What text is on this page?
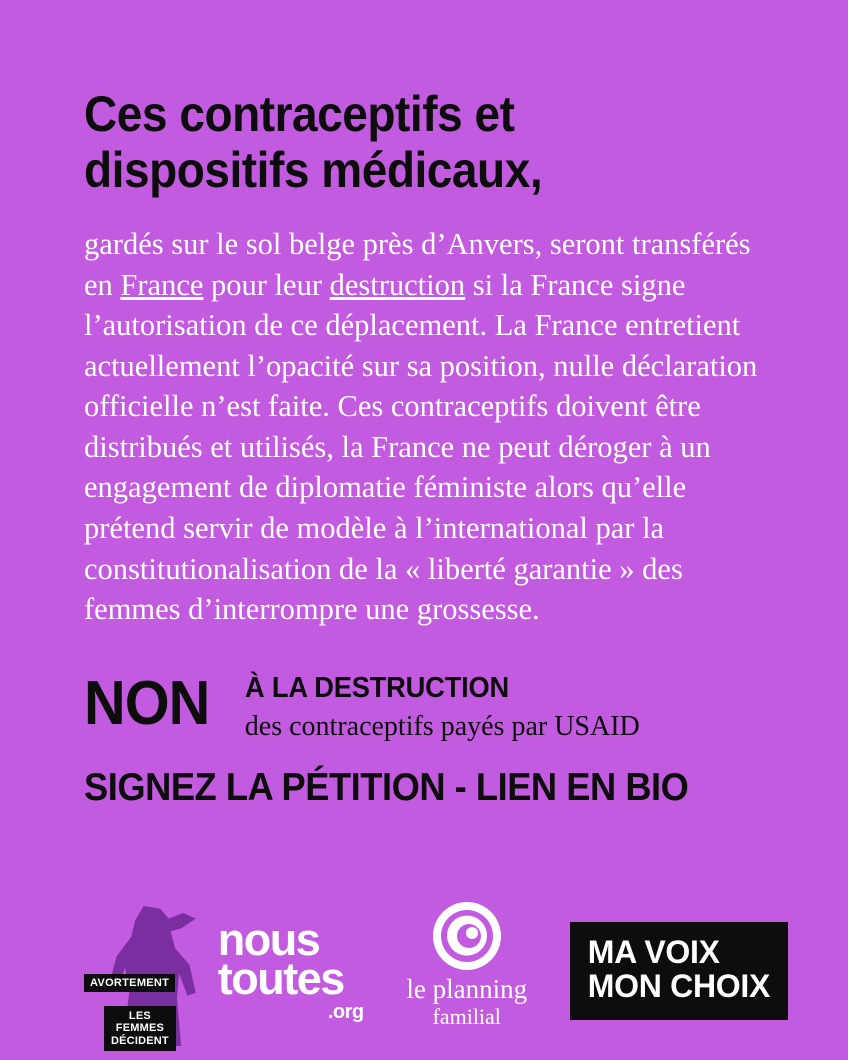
Ces contraceptifs et
dispositifs médicaux,

gardés sur le sol belge près d’Anvers, seront transférés en France pour leur destruction si la France signe l’autorisation de ce déplacement. La France entretient actuellement l’opacité sur sa position, nulle déclaration officielle n’est faite. Ces contraceptifs doivent être distribués et utilisés, la France ne peut déroger à un engagement de diplomatie féministe alors qu’elle prétend servir de modèle à l’international par la constitutionalisation de la « liberté garantie » des femmes d’interrompre une grossesse.

NON À LA DESTRUCTION
des contraceptifs payés par USAID
SIGNEZ LA PÉTITION - LIEN EN BIO
AVORTEMENT
LES
FEMMES
DÉCIDENT
nous
toutes
.org
le planning
familial
MA VOIX
MON CHOIX
